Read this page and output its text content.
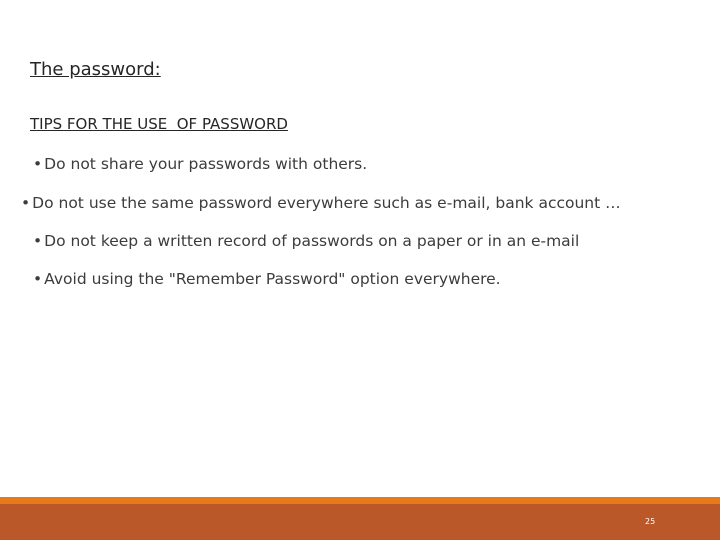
The password:
TIPS FOR THE USE  OF PASSWORD
• Do not share your passwords with others.
• Do not use the same password everywhere such as e-mail, bank account …
• Do not keep a written record of passwords on a paper or in an e-mail
• Avoid using the "Remember Password" option everywhere.
25
